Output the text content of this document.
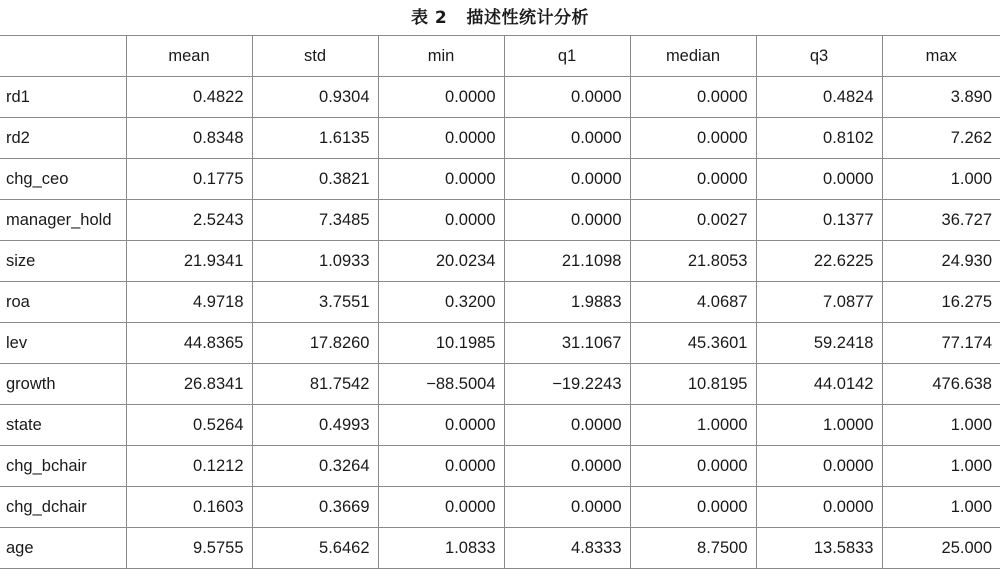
表 2 描述性统计分析
	mean	std	min	q1	median	q3	max
rd1	0.4822	0.9304	0.0000	0.0000	0.0000	0.4824	3.890
rd2	0.8348	1.6135	0.0000	0.0000	0.0000	0.8102	7.262
chg_ceo	0.1775	0.3821	0.0000	0.0000	0.0000	0.0000	1.000
manager_hold	2.5243	7.3485	0.0000	0.0000	0.0027	0.1377	36.727
size	21.9341	1.0933	20.0234	21.1098	21.8053	22.6225	24.930
roa	4.9718	3.7551	0.3200	1.9883	4.0687	7.0877	16.275
lev	44.8365	17.8260	10.1985	31.1067	45.3601	59.2418	77.174
growth	26.8341	81.7542	−88.5004	−19.2243	10.8195	44.0142	476.638
state	0.5264	0.4993	0.0000	0.0000	1.0000	1.0000	1.000
chg_bchair	0.1212	0.3264	0.0000	0.0000	0.0000	0.0000	1.000
chg_dchair	0.1603	0.3669	0.0000	0.0000	0.0000	0.0000	1.000
age	9.5755	5.6462	1.0833	4.8333	8.7500	13.5833	25.000
